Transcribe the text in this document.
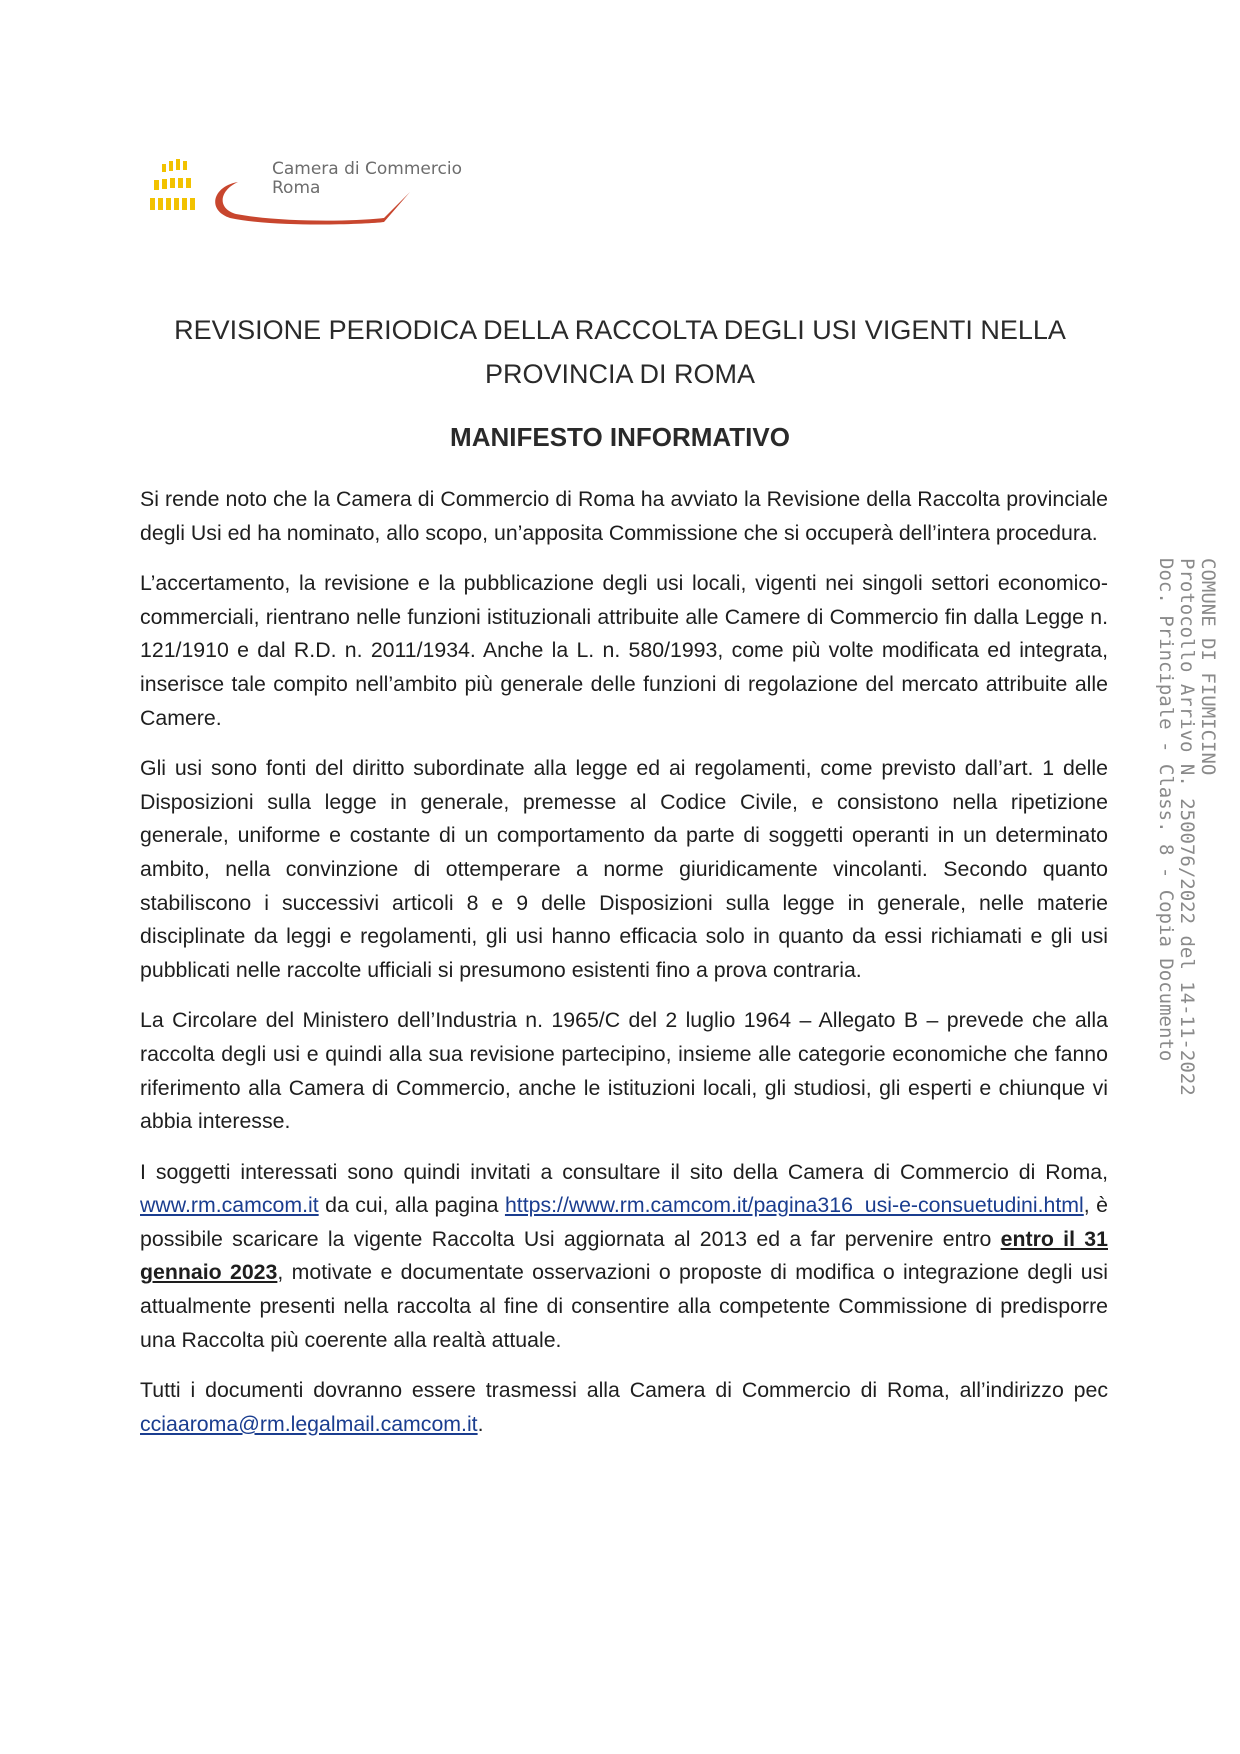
Camera di Commercio
Roma
REVISIONE PERIODICA DELLA RACCOLTA DEGLI USI VIGENTI NELLA
PROVINCIA DI ROMA
MANIFESTO INFORMATIVO

Si rende noto che la Camera di Commercio di Roma ha avviato la Revisione della Raccolta provinciale degli Usi ed ha nominato, allo scopo, un’apposita Commissione che si occuperà dell’intera procedura.

L’accertamento, la revisione e la pubblicazione degli usi locali, vigenti nei singoli settori economico-commerciali, rientrano nelle funzioni istituzionali attribuite alle Camere di Commercio fin dalla Legge n. 121/1910 e dal R.D. n. 2011/1934. Anche la L. n. 580/1993, come più volte modificata ed integrata, inserisce tale compito nell’ambito più generale delle funzioni di regolazione del mercato attribuite alle Camere.

Gli usi sono fonti del diritto subordinate alla legge ed ai regolamenti, come previsto dall’art. 1 delle Disposizioni sulla legge in generale, premesse al Codice Civile, e consistono nella ripetizione generale, uniforme e costante di un comportamento da parte di soggetti operanti in un determinato ambito, nella convinzione di ottemperare a norme giuridicamente vincolanti. Secondo quanto stabiliscono i successivi articoli 8 e 9 delle Disposizioni sulla legge in generale, nelle materie disciplinate da leggi e regolamenti, gli usi hanno efficacia solo in quanto da essi richiamati e gli usi pubblicati nelle raccolte ufficiali si presumono esistenti fino a prova contraria.

La Circolare del Ministero dell’Industria n. 1965/C del 2 luglio 1964 – Allegato B – prevede che alla raccolta degli usi e quindi alla sua revisione partecipino, insieme alle categorie economiche che fanno riferimento alla Camera di Commercio, anche le istituzioni locali, gli studiosi, gli esperti e chiunque vi abbia interesse.

I soggetti interessati sono quindi invitati a consultare il sito della Camera di Commercio di Roma, www.rm.camcom.it da cui, alla pagina https://www.rm.camcom.it/pagina316_usi-e-consuetudini.html, è possibile scaricare la vigente Raccolta Usi aggiornata al 2013 ed a far pervenire entro entro il 31 gennaio 2023, motivate e documentate osservazioni o proposte di modifica o integrazione degli usi attualmente presenti nella raccolta al fine di consentire alla competente Commissione di predisporre una Raccolta più coerente alla realtà attuale.

Tutti i documenti dovranno essere trasmessi alla Camera di Commercio di Roma, all’indirizzo pec cciaaroma@rm.legalmail.camcom.it.

COMUNE DI FIUMICINO
Protocollo Arrivo N. 250076/2022 del 14-11-2022
Doc. Principale - Class. 8 - Copia Documento
